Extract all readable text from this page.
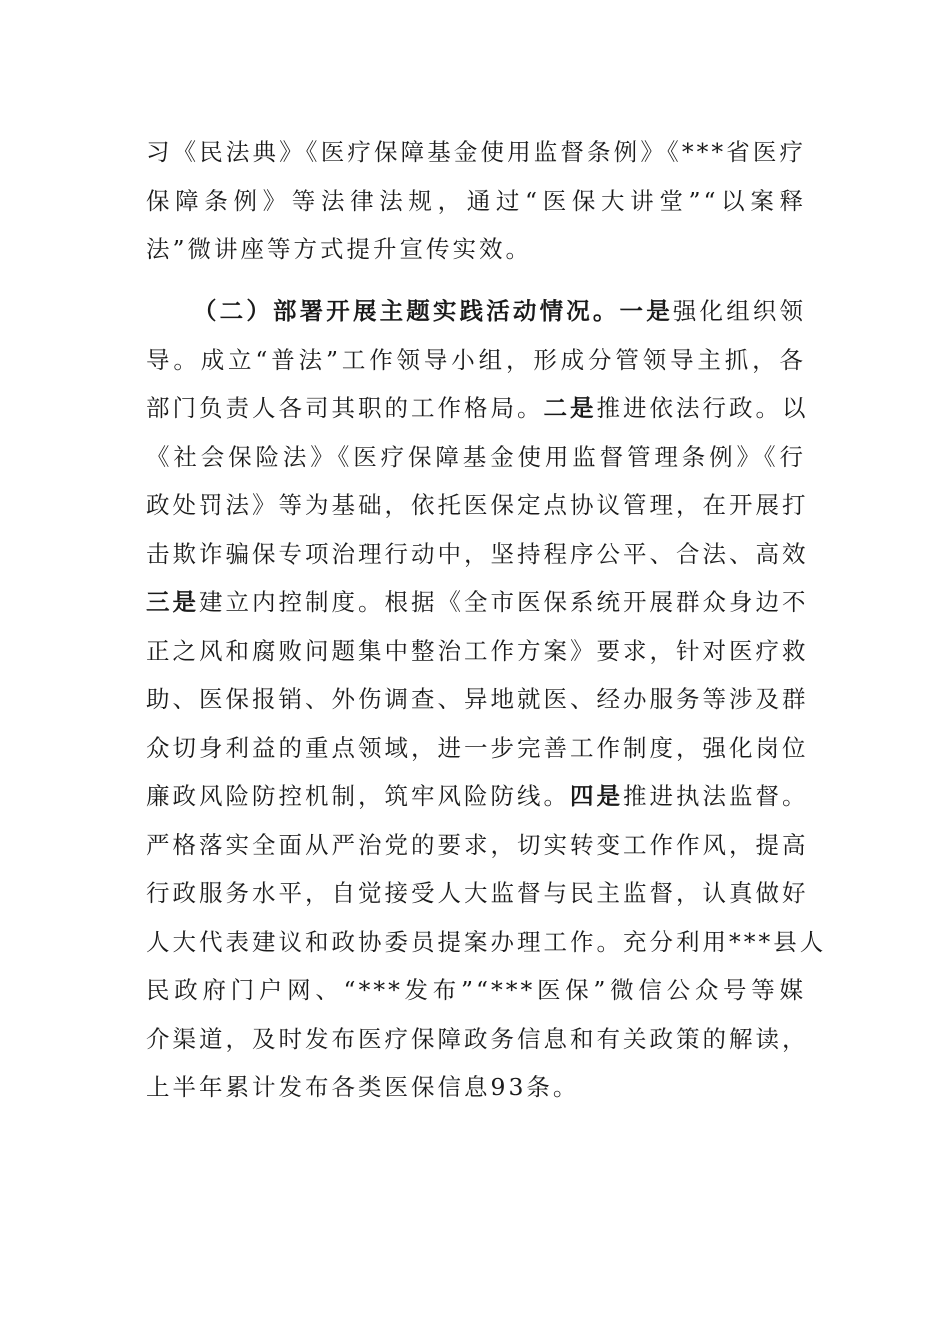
习《民法典》《医疗保障基金使用监督条例》《***省医疗
保障条例》等法律法规，通过“医保大讲堂”“以案释
法”微讲座等方式提升宣传实效。
（二）部署开展主题实践活动情况。一是强化组织领
导。成立“普法”工作领导小组，形成分管领导主抓，各
部门负责人各司其职的工作格局。二是推进依法行政。以
《社会保险法》《医疗保障基金使用监督管理条例》《行
政处罚法》等为基础，依托医保定点协议管理，在开展打
击欺诈骗保专项治理行动中，坚持程序公平、合法、高效
三是建立内控制度。根据《全市医保系统开展群众身边不
正之风和腐败问题集中整治工作方案》要求，针对医疗救
助、医保报销、外伤调查、异地就医、经办服务等涉及群
众切身利益的重点领域，进一步完善工作制度，强化岗位
廉政风险防控机制，筑牢风险防线。四是推进执法监督。
严格落实全面从严治党的要求，切实转变工作作风，提高
行政服务水平，自觉接受人大监督与民主监督，认真做好
人大代表建议和政协委员提案办理工作。充分利用***县人
民政府门户网、“***发布”“***医保”微信公众号等媒
介渠道，及时发布医疗保障政务信息和有关政策的解读，
上半年累计发布各类医保信息93条。
